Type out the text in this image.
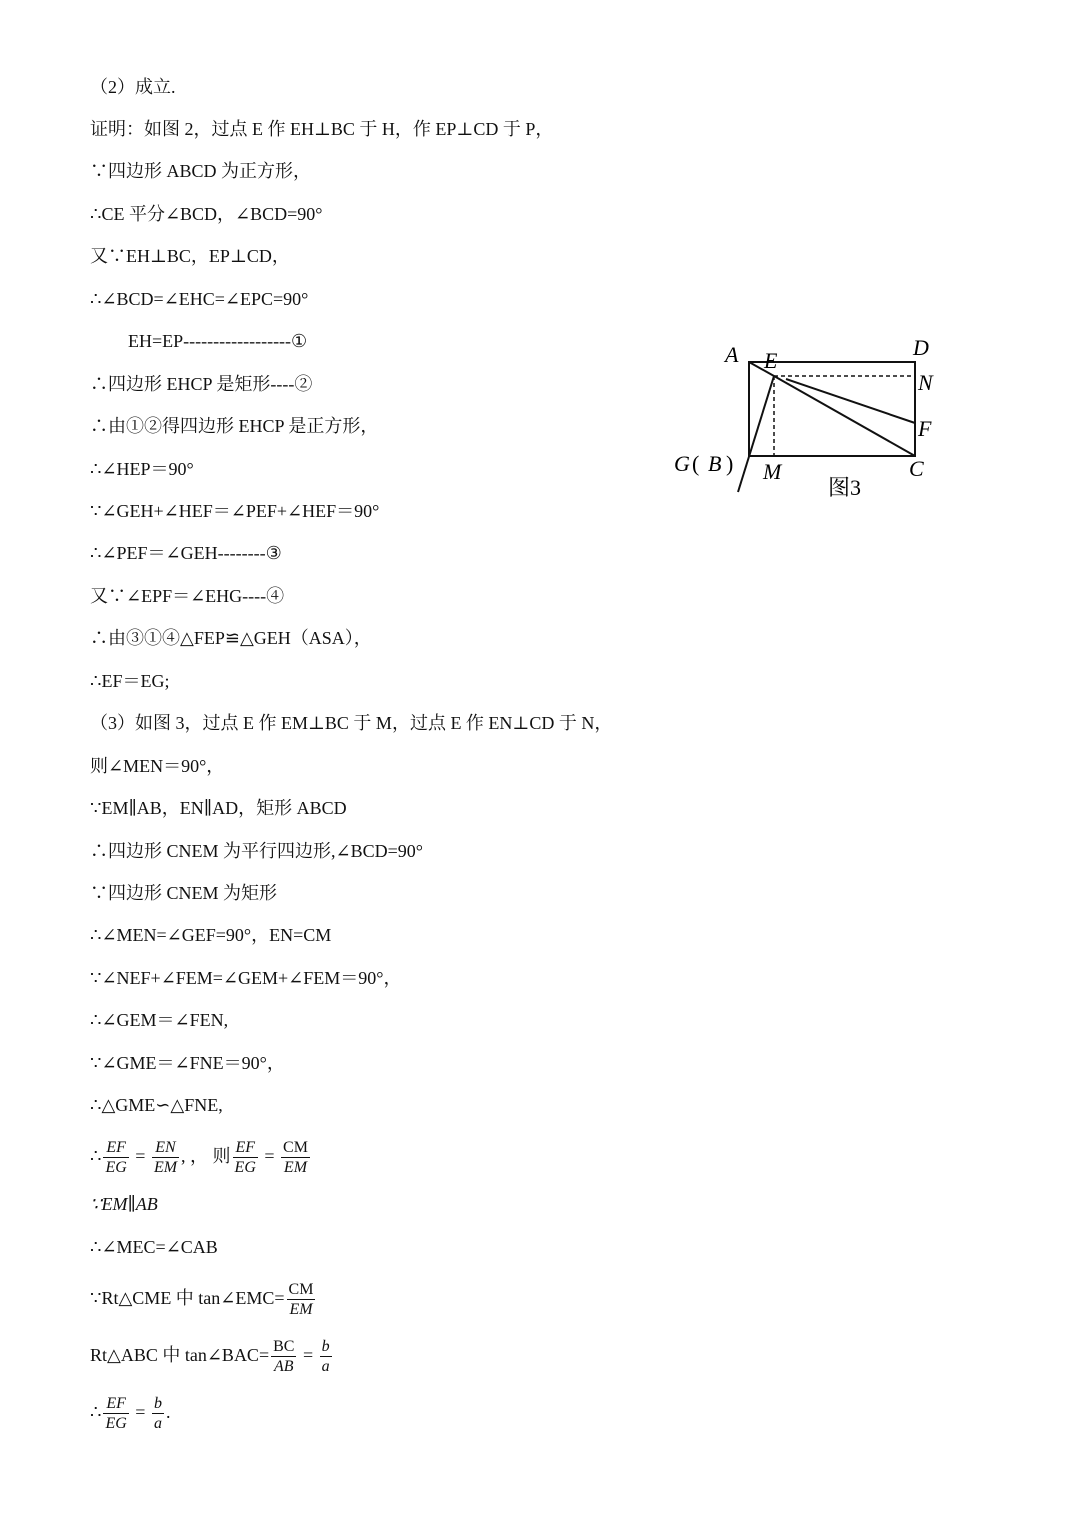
（2）成立.
证明：如图 2，过点 E 作 EH⊥BC 于 H，作 EP⊥CD 于 P，
∵四边形 ABCD 为正方形，
∴CE 平分∠BCD，∠BCD=90°
又∵EH⊥BC，EP⊥CD，
∴∠BCD=∠EHC=∠EPC=90°
EH=EP------------------①
∴四边形 EHCP 是矩形----②
∴由①②得四边形 EHCP 是正方形，
∴∠HEP＝90°
∵∠GEH+∠HEF＝∠PEF+∠HEF＝90°
∴∠PEF＝∠GEH--------③
又∵∠EPF＝∠EHG----④
∴由③①④△FEP≌△GEH（ASA），
∴EF＝EG;
（3）如图 3，过点 E 作 EM⊥BC 于 M，过点 E 作 EN⊥CD 于 N，
则∠MEN＝90°，
∵EM∥AB，EN∥AD，矩形 ABCD
∴四边形 CNEM 为平行四边形,∠BCD=90°
∵四边形 CNEM 为矩形
∴∠MEN=∠GEF=90°，EN=CM
∵∠NEF+∠FEM=∠GEM+∠FEM＝90°，
∴∠GEM＝∠FEN,
∵∠GME＝∠FNE＝90°，
∴△GME∽△FNE,
∴ $\frac{EF}{EG} = \frac{EN}{EM}$ , ， 则 $\frac{EF}{EG} = \frac{CM}{EM}$
∵EM∥AB
∴∠MEC=∠CAB
∵Rt△CME 中 tan∠EMC= $\frac{CM}{EM}$
Rt△ABC 中 tan∠BAC= $\frac{BC}{AB} = \frac{b}{a}$
∴ $\frac{EF}{EG} = \frac{b}{a}$ .
A E
D
N
F
G ( B ) M	C
图3
